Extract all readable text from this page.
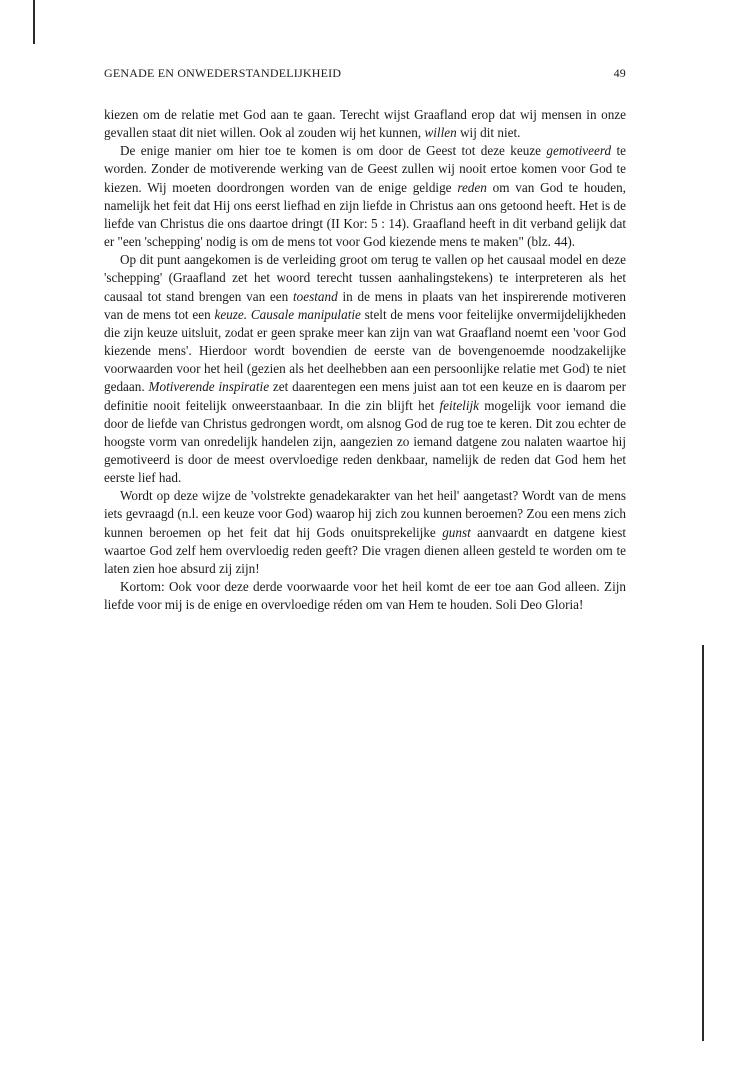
GENADE EN ONWEDERSTANDELIJKHEID	49

kiezen om de relatie met God aan te gaan. Terecht wijst Graafland erop dat wij mensen in onze gevallen staat dit niet willen. Ook al zouden wij het kunnen, willen wij dit niet.

De enige manier om hier toe te komen is om door de Geest tot deze keuze gemotiveerd te worden. Zonder de motiverende werking van de Geest zullen wij nooit ertoe komen voor God te kiezen. Wij moeten doordrongen worden van de enige geldige reden om van God te houden, namelijk het feit dat Hij ons eerst liefhad en zijn liefde in Christus aan ons getoond heeft. Het is de liefde van Christus die ons daartoe dringt (II Kor: 5 : 14). Graafland heeft in dit verband gelijk dat er "een 'schepping' nodig is om de mens tot voor God kiezende mens te maken" (blz. 44).

Op dit punt aangekomen is de verleiding groot om terug te vallen op het causaal model en deze 'schepping' (Graafland zet het woord terecht tussen aanhalingstekens) te interpreteren als het causaal tot stand brengen van een toestand in de mens in plaats van het inspirerende motiveren van de mens tot een keuze. Causale manipulatie stelt de mens voor feitelijke onvermijdelijkheden die zijn keuze uitsluit, zodat er geen sprake meer kan zijn van wat Graafland noemt een 'voor God kiezende mens'. Hierdoor wordt bovendien de eerste van de bovengenoemde noodzakelijke voorwaarden voor het heil (gezien als het deelhebben aan een persoonlijke relatie met God) te niet gedaan. Motiverende inspiratie zet daarentegen een mens juist aan tot een keuze en is daarom per definitie nooit feitelijk onweerstaanbaar. In die zin blijft het feitelijk mogelijk voor iemand die door de liefde van Christus gedrongen wordt, om alsnog God de rug toe te keren. Dit zou echter de hoogste vorm van onredelijk handelen zijn, aangezien zo iemand datgene zou nalaten waartoe hij gemotiveerd is door de meest overvloedige reden denkbaar, namelijk de reden dat God hem het eerste lief had.

Wordt op deze wijze de 'volstrekte genadekarakter van het heil' aangetast? Wordt van de mens iets gevraagd (n.l. een keuze voor God) waarop hij zich zou kunnen beroemen? Zou een mens zich kunnen beroemen op het feit dat hij Gods onuitsprekelijke gunst aanvaardt en datgene kiest waartoe God zelf hem overvloedig reden geeft? Die vragen dienen alleen gesteld te worden om te laten zien hoe absurd zij zijn!

Kortom: Ook voor deze derde voorwaarde voor het heil komt de eer toe aan God alleen. Zijn liefde voor mij is de enige en overvloedige réden om van Hem te houden. Soli Deo Gloria!
